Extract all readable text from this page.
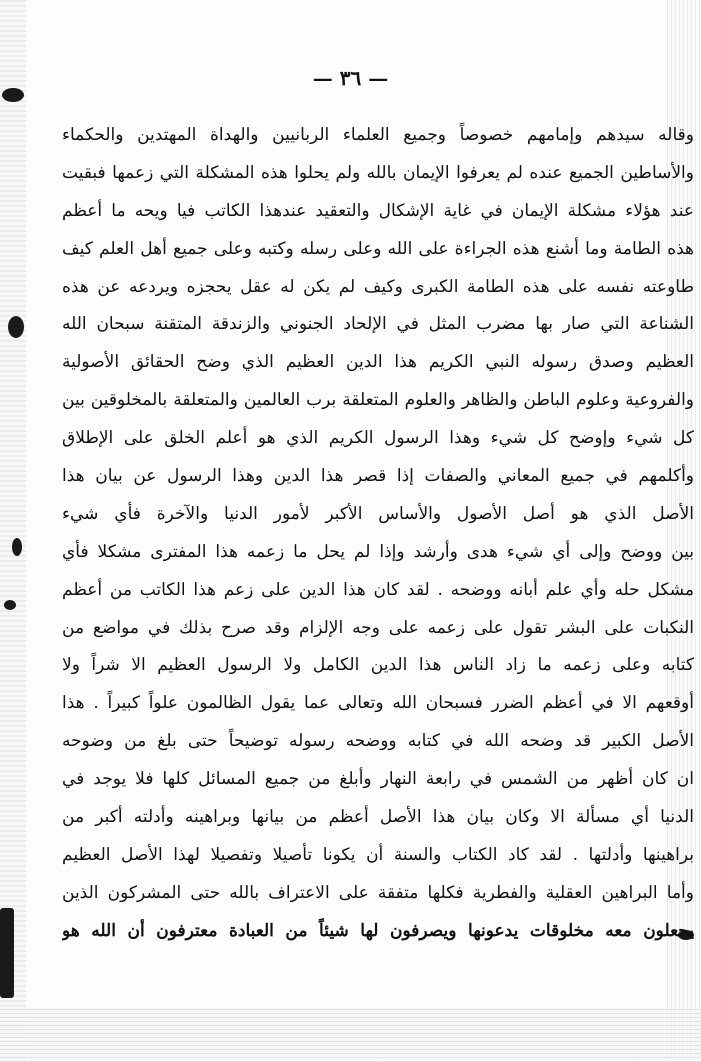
— ٣٦ —
وقاله سيدهم وإمامهم خصوصاً وجميع العلماء الربانيين والهداة المهتدين والحكماء
والأساطين الجميع عنده لم يعرفوا الإيمان بالله ولم يحلوا هذه المشكلة التي زعمها فبقيت
عند هؤلاء مشكلة الإيمان في غاية الإشكال والتعقيد عندهذا الكاتب فيا ويحه ما أعظم
هذه الطامة وما أشنع هذه الجراءة على الله وعلى رسله وكتبه وعلى جميع أهل العلم كيف
طاوعته نفسه على هذه الطامة الكبرى وكيف لم يكن له عقل يحجزه ويردعه عن هذه
الشناعة التي صار بها مضرب المثل في الإلحاد الجنوني والزندقة المتقنة سبحان الله
العظيم وصدق رسوله النبي الكريم هذا الدين العظيم الذي وضح الحقائق الأصولية
والفروعية وعلوم الباطن والظاهر والعلوم المتعلقة برب العالمين والمتعلقة بالمخلوقين بين
كل شيء وإوضح كل شيء وهذا الرسول الكريم الذي هو أعلم الخلق على الإطلاق
وأكلمهم في جميع المعاني والصفات إذا قصر هذا الدين وهذا الرسول عن بيان هذا
الأصل الذي هو أصل الأصول والأساس الأكبر لأمور الدنيا والآخرة فأي شيء
بين ووضح وإلى أي شيء هدى وأرشد وإذا لم يحل ما زعمه هذا المفترى مشكلا فأي
مشكل حله وأي علم أبانه ووضحه . لقد كان هذا الدين على زعم هذا الكاتب من أعظم
النكبات على البشر تقول على زعمه على وجه الإلزام وقد صرح بذلك في مواضع من
كتابه وعلى زعمه ما زاد الناس هذا الدين الكامل ولا الرسول العظيم الا شراً ولا
أوقعهم الا في أعظم الضرر فسبحان الله وتعالى عما يقول الظالمون علواً كبيراً . هذا
الأصل الكبير قد وضحه الله في كتابه ووضحه رسوله توضيحاً حتى بلغ من وضوحه
ان كان أظهر من الشمس في رابعة النهار وأبلغ من جميع المسائل كلها فلا يوجد في
الدنيا أي مسألة الا وكان بيان هذا الأصل أعظم من بيانها وبراهينه وأدلته أكبر من
براهينها وأدلتها . لقد كاد الكتاب والسنة أن يكونا تأصيلا وتفصيلا لهذا الأصل العظيم
وأما البراهين العقلية والفطرية فكلها متفقة على الاعتراف بالله حتى المشركون الذين
يجعلون معه مخلوقات يدعونها ويصرفون لها شيئاً من العبادة معترفون أن الله هو
